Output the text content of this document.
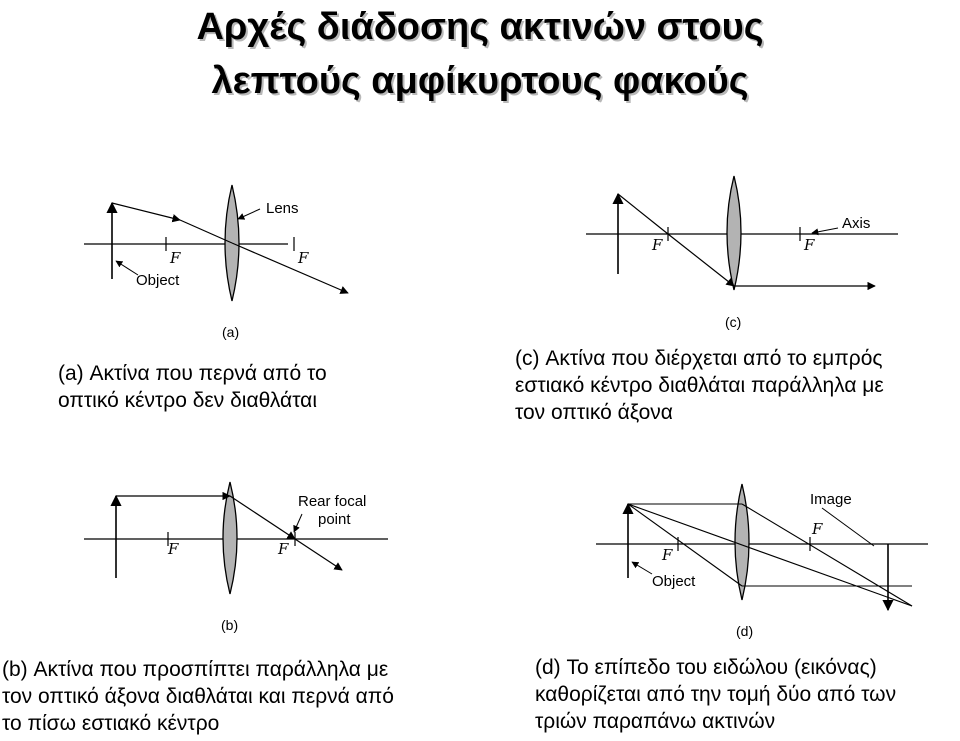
Αρχές διάδοσης ακτινών στους
λεπτούς αμφίκυρτους φακούς
Lens
Object
F	F
(a)
Axis
F	F
(c)
Rear focal
point
F	F
(b)
Image
Object
F
F
(d)
(a) Ακτίνα που περνά από το
οπτικό κέντρο δεν διαθλάται
(c) Ακτίνα που διέρχεται από το εμπρός
εστιακό κέντρο διαθλάται παράλληλα με
τον οπτικό άξονα
(b) Ακτίνα που προσπίπτει παράλληλα με
τον οπτικό άξονα διαθλάται και περνά από
το πίσω εστιακό κέντρο
(d) Το επίπεδο του ειδώλου (εικόνας)
καθορίζεται από την τομή δύο από των
τριών παραπάνω ακτινών
